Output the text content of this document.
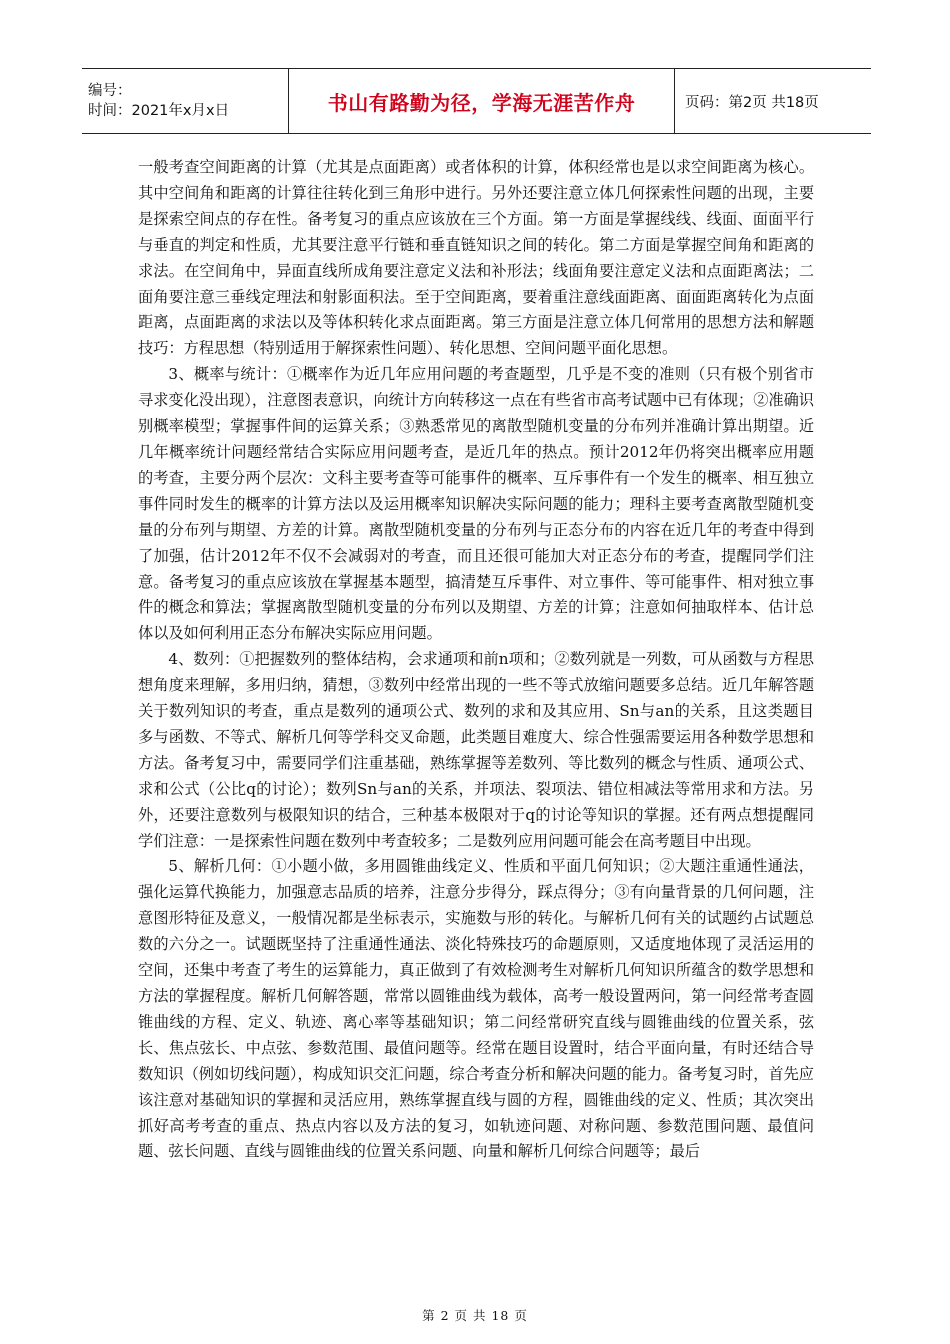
编号：
时间：2021年x月x日	书山有路勤为径，学海无涯苦作舟	页码：第2页 共18页

一般考查空间距离的计算（尤其是点面距离）或者体积的计算，体积经常也是以求空间距离为核心。其中空间角和距离的计算往往转化到三角形中进行。另外还要注意立体几何探索性问题的出现，主要是探索空间点的存在性。备考复习的重点应该放在三个方面。第一方面是掌握线线、线面、面面平行与垂直的判定和性质，尤其要注意平行链和垂直链知识之间的转化。第二方面是掌握空间角和距离的求法。在空间角中，异面直线所成角要注意定义法和补形法；线面角要注意定义法和点面距离法；二面角要注意三垂线定理法和射影面积法。至于空间距离，要着重注意线面距离、面面距离转化为点面距离，点面距离的求法以及等体积转化求点面距离。第三方面是注意立体几何常用的思想方法和解题技巧：方程思想（特别适用于解探索性问题）、转化思想、空间问题平面化思想。

3、概率与统计：①概率作为近几年应用问题的考查题型，几乎是不变的准则（只有极个别省市寻求变化没出现），注意图表意识，向统计方向转移这一点在有些省市高考试题中已有体现；②准确识别概率模型；掌握事件间的运算关系；③熟悉常见的离散型随机变量的分布列并准确计算出期望。近几年概率统计问题经常结合实际应用问题考查，是近几年的热点。预计2012年仍将突出概率应用题的考查，主要分两个层次：文科主要考查等可能事件的概率、互斥事件有一个发生的概率、相互独立事件同时发生的概率的计算方法以及运用概率知识解决实际问题的能力；理科主要考查离散型随机变量的分布列与期望、方差的计算。离散型随机变量的分布列与正态分布的内容在近几年的考查中得到了加强，估计2012年不仅不会减弱对的考查，而且还很可能加大对正态分布的考查，提醒同学们注意。备考复习的重点应该放在掌握基本题型，搞清楚互斥事件、对立事件、等可能事件、相对独立事件的概念和算法；掌握离散型随机变量的分布列以及期望、方差的计算；注意如何抽取样本、估计总体以及如何利用正态分布解决实际应用问题。

4、数列：①把握数列的整体结构，会求通项和前n项和；②数列就是一列数，可从函数与方程思想角度来理解，多用归纳，猜想，③数列中经常出现的一些不等式放缩问题要多总结。近几年解答题关于数列知识的考查，重点是数列的通项公式、数列的求和及其应用、Sn与an的关系，且这类题目多与函数、不等式、解析几何等学科交叉命题，此类题目难度大、综合性强需要运用各种数学思想和方法。备考复习中，需要同学们注重基础，熟练掌握等差数列、等比数列的概念与性质、通项公式、求和公式（公比q的讨论）；数列Sn与an的关系，并项法、裂项法、错位相减法等常用求和方法。另外，还要注意数列与极限知识的结合，三种基本极限对于q的讨论等知识的掌握。还有两点想提醒同学们注意：一是探索性问题在数列中考查较多；二是数列应用问题可能会在高考题目中出现。

5、解析几何：①小题小做，多用圆锥曲线定义、性质和平面几何知识；②大题注重通性通法，强化运算代换能力，加强意志品质的培养，注意分步得分，踩点得分；③有向量背景的几何问题，注意图形特征及意义，一般情况都是坐标表示，实施数与形的转化。与解析几何有关的试题约占试题总数的六分之一。试题既坚持了注重通性通法、淡化特殊技巧的命题原则，又适度地体现了灵活运用的空间，还集中考查了考生的运算能力，真正做到了有效检测考生对解析几何知识所蕴含的数学思想和方法的掌握程度。解析几何解答题，常常以圆锥曲线为载体，高考一般设置两问，第一问经常考查圆锥曲线的方程、定义、轨迹、离心率等基础知识；第二问经常研究直线与圆锥曲线的位置关系，弦长、焦点弦长、中点弦、参数范围、最值问题等。经常在题目设置时，结合平面向量，有时还结合导数知识（例如切线问题），构成知识交汇问题，综合考查分析和解决问题的能力。备考复习时，首先应该注意对基础知识的掌握和灵活应用，熟练掌握直线与圆的方程，圆锥曲线的定义、性质；其次突出抓好高考考查的重点、热点内容以及方法的复习，如轨迹问题、对称问题、参数范围问题、最值问题、弦长问题、直线与圆锥曲线的位置关系问题、向量和解析几何综合问题等；最后

第 2 页 共 18 页
